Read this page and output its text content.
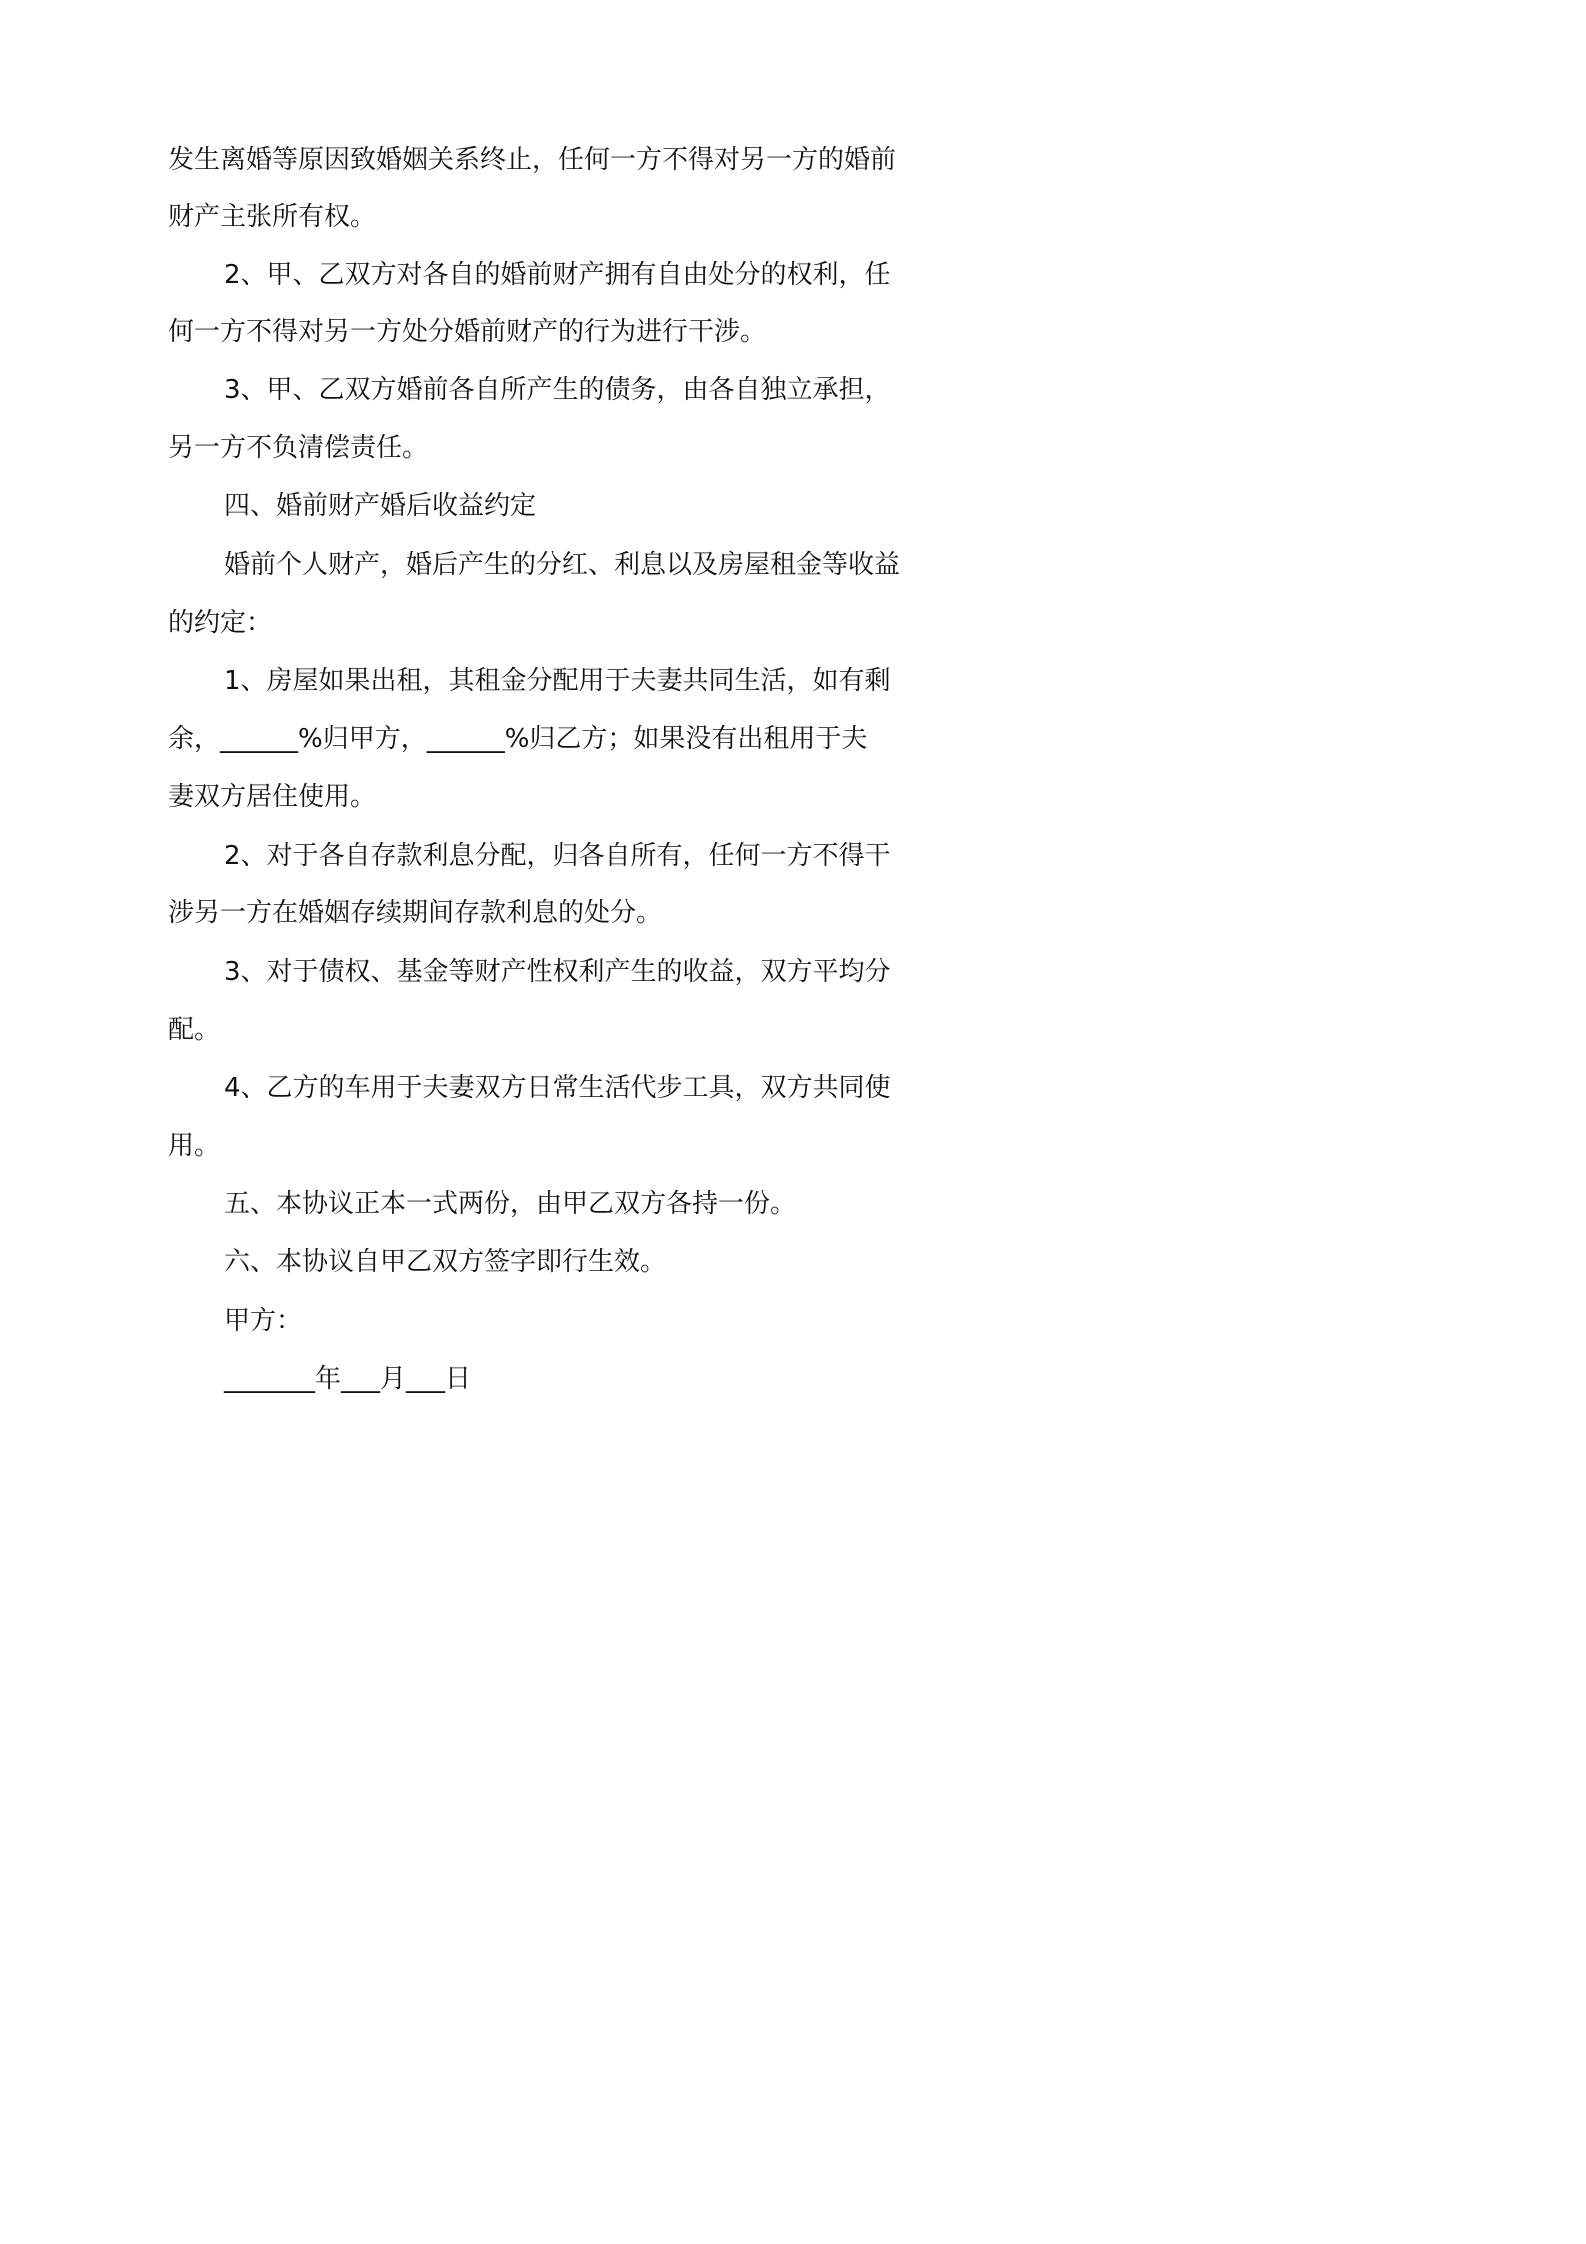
发生离婚等原因致婚姻关系终止，任何一方不得对另一方的婚前
财产主张所有权。
2、甲、乙双方对各自的婚前财产拥有自由处分的权利，任
何一方不得对另一方处分婚前财产的行为进行干涉。
3、甲、乙双方婚前各自所产生的债务，由各自独立承担，
另一方不负清偿责任。
四、婚前财产婚后收益约定
婚前个人财产，婚后产生的分红、利息以及房屋租金等收益
的约定：
1、房屋如果出租，其租金分配用于夫妻共同生活，如有剩
余，______%归甲方，______%归乙方；如果没有出租用于夫
妻双方居住使用。
2、对于各自存款利息分配，归各自所有，任何一方不得干
涉另一方在婚姻存续期间存款利息的处分。
3、对于债权、基金等财产性权利产生的收益，双方平均分
配。
4、乙方的车用于夫妻双方日常生活代步工具，双方共同使
用。
五、本协议正本一式两份，由甲乙双方各持一份。
六、本协议自甲乙双方签字即行生效。
甲方：
_______年___月___日
